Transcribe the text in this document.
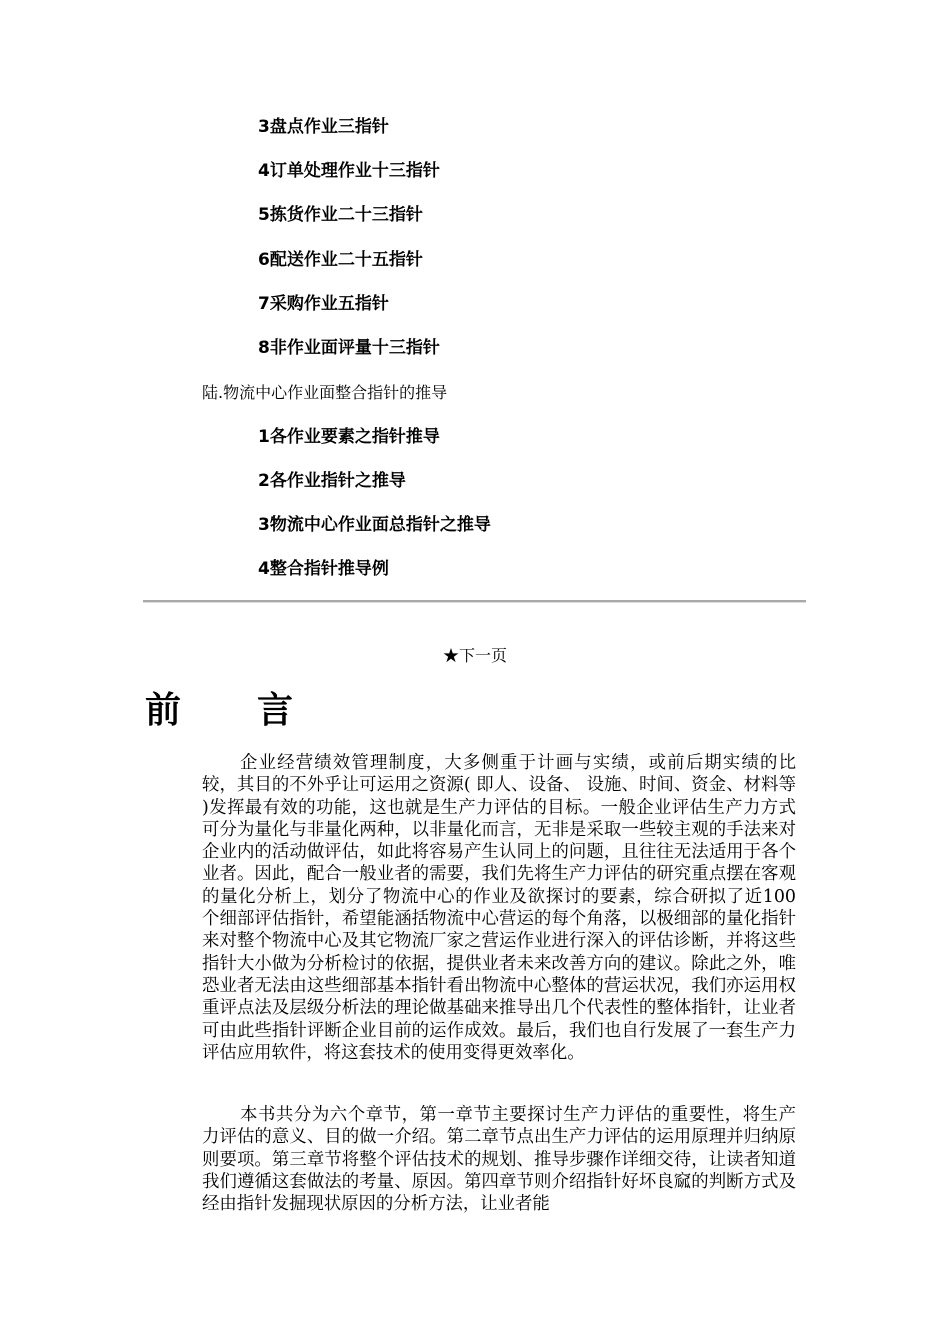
3盘点作业三指针
4订单处理作业十三指针
5拣货作业二十三指针
6配送作业二十五指针
7采购作业五指针
8非作业面评量十三指针
陆.物流中心作业面整合指针的推导
1各作业要素之指针推导
2各作业指针之推导
3物流中心作业面总指针之推导
4整合指针推导例
★下一页
前言

企业经营绩效管理制度，大多侧重于计画与实绩，或前后期实绩的比较，其目的不外乎让可运用之资源( 即人、设备、 设施、时间、资金、材料等 )发挥最有效的功能，这也就是生产力评估的目标。一般企业评估生产力方式可分为量化与非量化两种，以非量化而言，无非是采取一些较主观的手法来对企业内的活动做评估，如此将容易产生认同上的问题，且往往无法适用于各个业者。因此，配合一般业者的需要，我们先将生产力评估的研究重点摆在客观的量化分析上，划分了物流中心的作业及欲探讨的要素，综合研拟了近100 个细部评估指针，希望能涵括物流中心营运的每个角落，以极细部的量化指针来对整个物流中心及其它物流厂家之营运作业进行深入的评估诊断，并将这些指针大小做为分析检讨的依据，提供业者未来改善方向的建议。除此之外，唯恐业者无法由这些细部基本指针看出物流中心整体的营运状况，我们亦运用权重评点法及层级分析法的理论做基础来推导出几个代表性的整体指针，让业者可由此些指针评断企业目前的运作成效。最后，我们也自行发展了一套生产力评估应用软件，将这套技术的使用变得更效率化。

本书共分为六个章节，第一章节主要探讨生产力评估的重要性，将生产力评估的意义、目的做一介绍。第二章节点出生产力评估的运用原理并归纳原则要项。第三章节将整个评估技术的规划、推导步骤作详细交待，让读者知道我们遵循这套做法的考量、原因。第四章节则介绍指针好坏良窳的判断方式及经由指针发掘现状原因的分析方法，让业者能
